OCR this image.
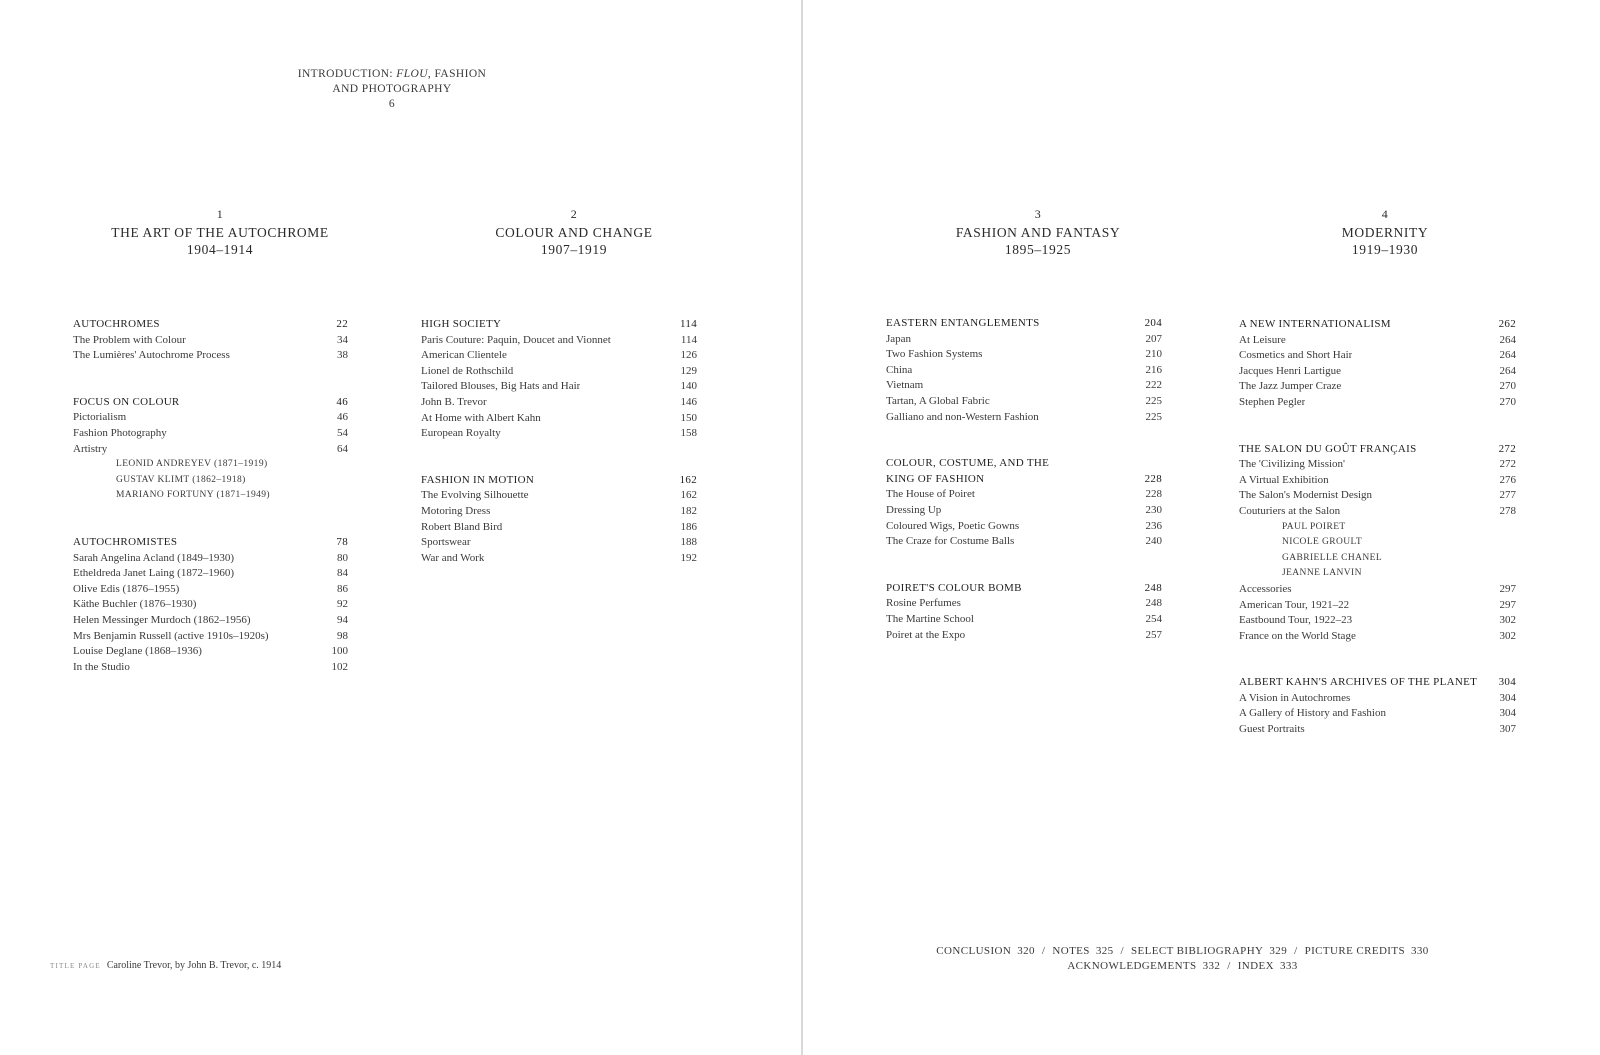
INTRODUCTION: FLOU, FASHION
AND PHOTOGRAPHY
6
1
THE ART OF THE AUTOCHROME
1904–1914
2
COLOUR AND CHANGE
1907–1919
3
FASHION AND FANTASY
1895–1925
4
MODERNITY
1919–1930
AUTOCHROMES	22
The Problem with Colour	34
The Lumières' Autochrome Process	38
FOCUS ON COLOUR	46
Pictorialism	46
Fashion Photography	54
Artistry	64
LEONID ANDREYEV (1871–1919)
GUSTAV KLIMT (1862–1918)
MARIANO FORTUNY (1871–1949)
AUTOCHROMISTES	78
Sarah Angelina Acland (1849–1930)	80
Etheldreda Janet Laing (1872–1960)	84
Olive Edis (1876–1955)	86
Käthe Buchler (1876–1930)	92
Helen Messinger Murdoch (1862–1956)	94
Mrs Benjamin Russell (active 1910s–1920s)	98
Louise Deglane (1868–1936)	100
In the Studio	102
HIGH SOCIETY	114
Paris Couture: Paquin, Doucet and Vionnet	114
American Clientele	126
Lionel de Rothschild	129
Tailored Blouses, Big Hats and Hair	140
John B. Trevor	146
At Home with Albert Kahn	150
European Royalty	158
FASHION IN MOTION	162
The Evolving Silhouette	162
Motoring Dress	182
Robert Bland Bird	186
Sportswear	188
War and Work	192
EASTERN ENTANGLEMENTS	204
Japan	207
Two Fashion Systems	210
China	216
Vietnam	222
Tartan, A Global Fabric	225
Galliano and non-Western Fashion	225
COLOUR, COSTUME, AND THE KING OF FASHION	228
The House of Poiret	228
Dressing Up	230
Coloured Wigs, Poetic Gowns	236
The Craze for Costume Balls	240
POIRET'S COLOUR BOMB	248
Rosine Perfumes	248
The Martine School	254
Poiret at the Expo	257
A NEW INTERNATIONALISM	262
At Leisure	264
Cosmetics and Short Hair	264
Jacques Henri Lartigue	264
The Jazz Jumper Craze	270
Stephen Pegler	270
THE SALON DU GOÛT FRANÇAIS	272
The 'Civilizing Mission'	272
A Virtual Exhibition	276
The Salon's Modernist Design	277
Couturiers at the Salon	278
PAUL POIRET
NICOLE GROULT
GABRIELLE CHANEL
JEANNE LANVIN
Accessories	297
American Tour, 1921–22	297
Eastbound Tour, 1922–23	302
France on the World Stage	302
ALBERT KAHN'S ARCHIVES OF THE PLANET 304
A Vision in Autochromes	304
A Gallery of History and Fashion	304
Guest Portraits	307
TITLE PAGE Caroline Trevor, by John B. Trevor, c. 1914
CONCLUSION 320 / NOTES 325 / SELECT BIBLIOGRAPHY 329 / PICTURE CREDITS 330
ACKNOWLEDGEMENTS 332 / INDEX 333
